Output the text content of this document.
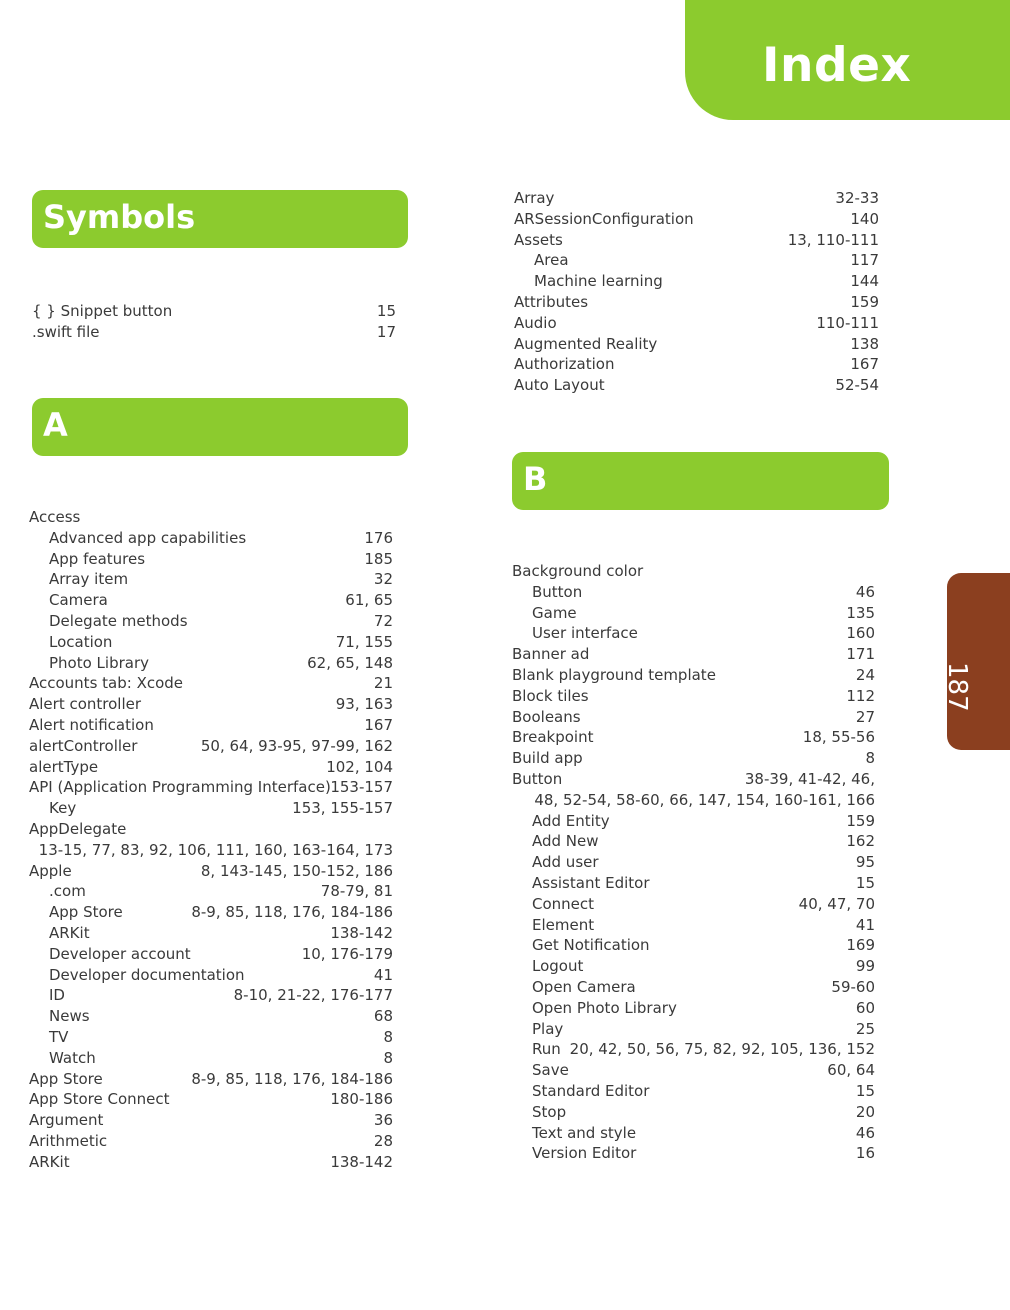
Index
Symbols
{ } Snippet button	15
.swift file	17
A
Access
Advanced app capabilities	176
App features	185
Array item	32
Camera	61, 65
Delegate methods	72
Location	71, 155
Photo Library	62, 65, 148
Accounts tab: Xcode	21
Alert controller	93, 163
Alert notification	167
alertController	50, 64, 93-95, 97-99, 162
alertType	102, 104
API (Application Programming Interface) 153-157
Key	153, 155-157
AppDelegate
13-15, 77, 83, 92, 106, 111, 160, 163-164, 173
Apple	8, 143-145, 150-152, 186
.com	78-79, 81
App Store	8-9, 85, 118, 176, 184-186
ARKit	138-142
Developer account	10, 176-179
Developer documentation	41
ID	8-10, 21-22, 176-177
News	68
TV	8
Watch	8
App Store	8-9, 85, 118, 176, 184-186
App Store Connect	180-186
Argument	36
Arithmetic	28
ARKit	138-142
Array	32-33
ARSessionConfiguration	140
Assets	13, 110-111
Area	117
Machine learning	144
Attributes	159
Audio	110-111
Augmented Reality	138
Authorization	167
Auto Layout	52-54
B
Background color
Button	46
Game	135
User interface	160
Banner ad	171
Blank playground template	24
Block tiles	112
Booleans	27
Breakpoint	18, 55-56
Build app	8
Button	38-39, 41-42, 46,
48, 52-54, 58-60, 66, 147, 154, 160-161, 166
Add Entity	159
Add New	162
Add user	95
Assistant Editor	15
Connect	40, 47, 70
Element	41
Get Notification	169
Logout	99
Open Camera	59-60
Open Photo Library	60
Play	25
Run 20, 42, 50, 56, 75, 82, 92, 105, 136, 152
Save	60, 64
Standard Editor	15
Stop	20
Text and style	46
Version Editor	16
187
